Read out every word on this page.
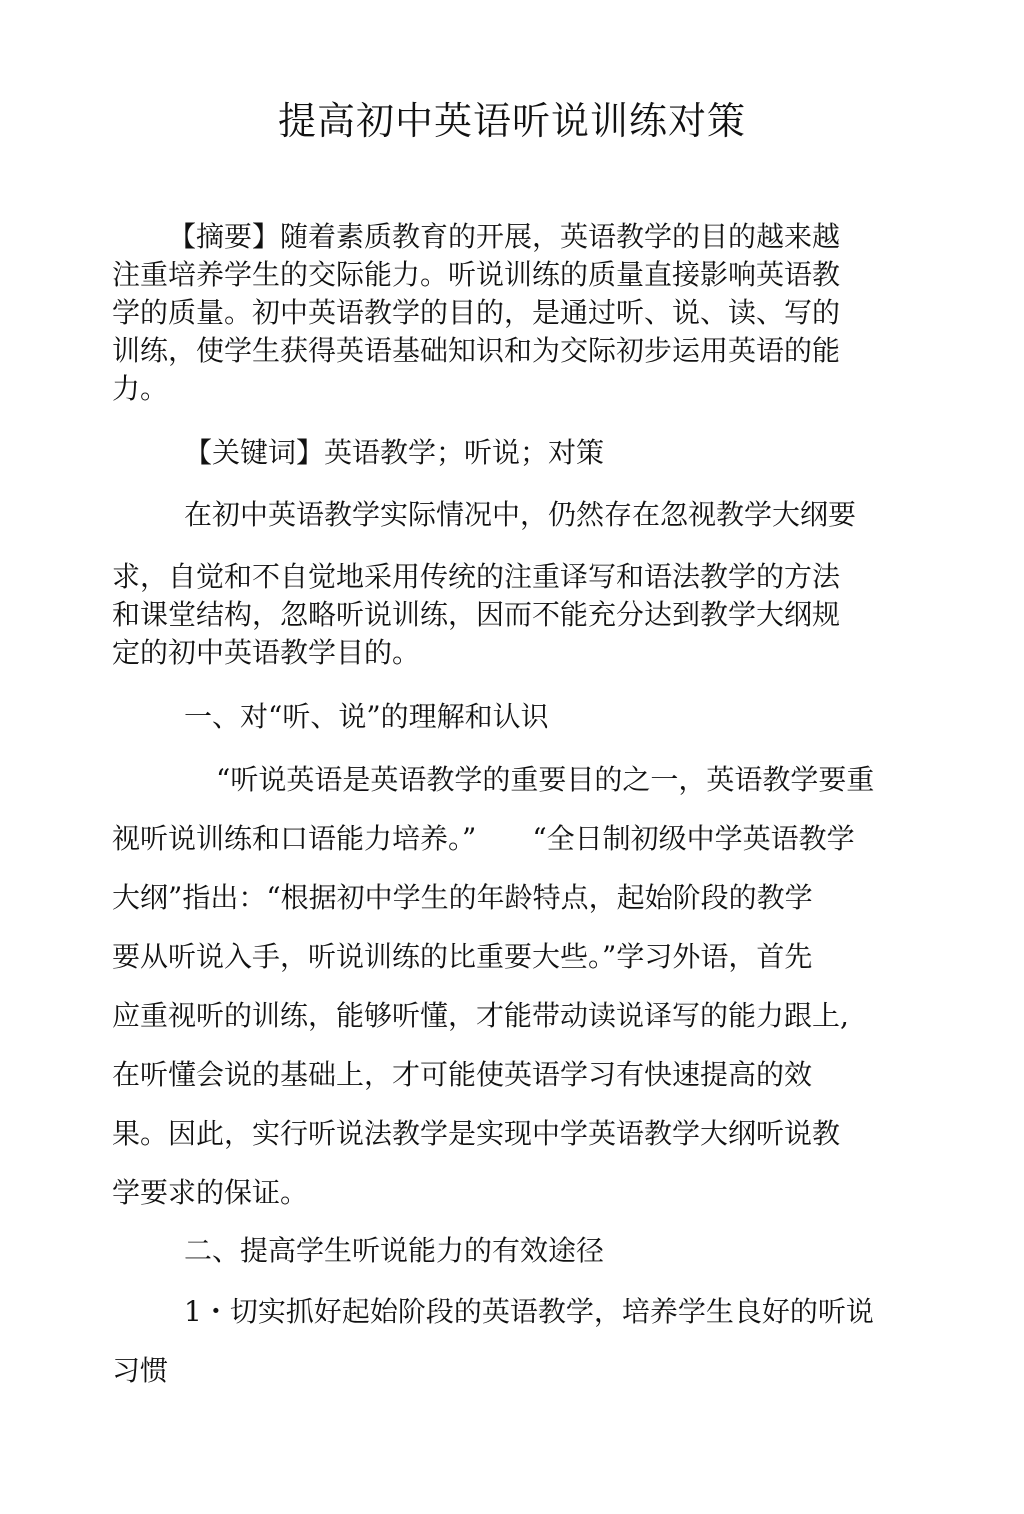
提高初中英语听说训练对策
【摘要】随着素质教育的开展，英语教学的目的越来越
注重培养学生的交际能力。听说训练的质量直接影响英语教
学的质量。初中英语教学的目的，是通过听、说、读、写的
训练，使学生获得英语基础知识和为交际初步运用英语的能
力。
【关键词】英语教学；听说；对策
在初中英语教学实际情况中，仍然存在忽视教学大纲要
求，自觉和不自觉地采用传统的注重译写和语法教学的方法
和课堂结构，忽略听说训练，因而不能充分达到教学大纲规
定的初中英语教学目的。
一、对“听、说”的理解和认识
“听说英语是英语教学的重要目的之一，英语教学要重
视听说训练和口语能力培养。”　　“全日制初级中学英语教学
大纲”指出：“根据初中学生的年龄特点，起始阶段的教学
要从听说入手，听说训练的比重要大些。”学习外语，首先
应重视听的训练，能够听懂，才能带动读说译写的能力跟上,
在听懂会说的基础上，才可能使英语学习有快速提高的效
果。因此，实行听说法教学是实现中学英语教学大纲听说教
学要求的保证。
二、提高学生听说能力的有效途径
1・切实抓好起始阶段的英语教学，培养学生良好的听说
习惯
